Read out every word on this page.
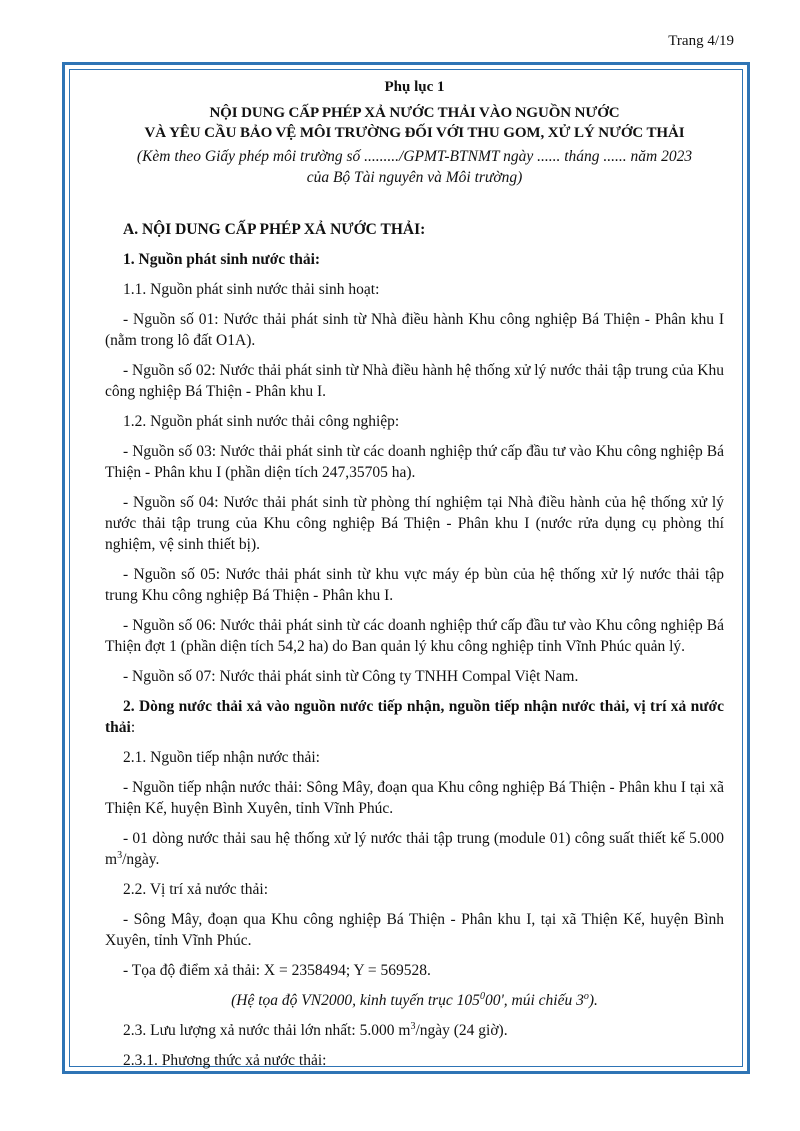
Trang 4/19

Phụ lục 1

NỘI DUNG CẤP PHÉP XẢ NƯỚC THẢI VÀO NGUỒN NƯỚC

VÀ YÊU CẦU BẢO VỆ MÔI TRƯỜNG ĐỐI VỚI THU GOM, XỬ LÝ NƯỚC THẢI

(Kèm theo Giấy phép môi trường số ........./GPMT-BTNMT ngày ...... tháng ...... năm 2023

của Bộ Tài nguyên và Môi trường)

A. NỘI DUNG CẤP PHÉP XẢ NƯỚC THẢI:

1. Nguồn phát sinh nước thải:

1.1. Nguồn phát sinh nước thải sinh hoạt:

- Nguồn số 01: Nước thải phát sinh từ Nhà điều hành Khu công nghiệp Bá Thiện - Phân khu I (nằm trong lô đất O1A).

- Nguồn số 02: Nước thải phát sinh từ Nhà điều hành hệ thống xử lý nước thải tập trung của Khu công nghiệp Bá Thiện - Phân khu I.

1.2. Nguồn phát sinh nước thải công nghiệp:

- Nguồn số 03: Nước thải phát sinh từ các doanh nghiệp thứ cấp đầu tư vào Khu công nghiệp Bá Thiện - Phân khu I (phần diện tích 247,35705 ha).

- Nguồn số 04: Nước thải phát sinh từ phòng thí nghiệm tại Nhà điều hành của hệ thống xử lý nước thải tập trung của Khu công nghiệp Bá Thiện - Phân khu I (nước rửa dụng cụ phòng thí nghiệm, vệ sinh thiết bị).

- Nguồn số 05: Nước thải phát sinh từ khu vực máy ép bùn của hệ thống xử lý nước thải tập trung Khu công nghiệp Bá Thiện - Phân khu I.

- Nguồn số 06: Nước thải phát sinh từ các doanh nghiệp thứ cấp đầu tư vào Khu công nghiệp Bá Thiện đợt 1 (phần diện tích 54,2 ha) do Ban quản lý khu công nghiệp tỉnh Vĩnh Phúc quản lý.

- Nguồn số 07: Nước thải phát sinh từ Công ty TNHH Compal Việt Nam.

2. Dòng nước thải xả vào nguồn nước tiếp nhận, nguồn tiếp nhận nước thải, vị trí xả nước thải:

2.1. Nguồn tiếp nhận nước thải:

- Nguồn tiếp nhận nước thải: Sông Mây, đoạn qua Khu công nghiệp Bá Thiện - Phân khu I tại xã Thiện Kế, huyện Bình Xuyên, tỉnh Vĩnh Phúc.

- 01 dòng nước thải sau hệ thống xử lý nước thải tập trung (module 01) công suất thiết kế 5.000 $m^3$/ngày.

2.2. Vị trí xả nước thải:

- Sông Mây, đoạn qua Khu công nghiệp Bá Thiện - Phân khu I, tại xã Thiện Kế, huyện Bình Xuyên, tỉnh Vĩnh Phúc.

- Tọa độ điểm xả thải: X = 2358494; Y = 569528.

(Hệ tọa độ VN2000, kinh tuyến trục $105^000'$, múi chiếu 3$^o$).

2.3. Lưu lượng xả nước thải lớn nhất: 5.000 $m^3$/ngày (24 giờ).

2.3.1. Phương thức xả nước thải:
